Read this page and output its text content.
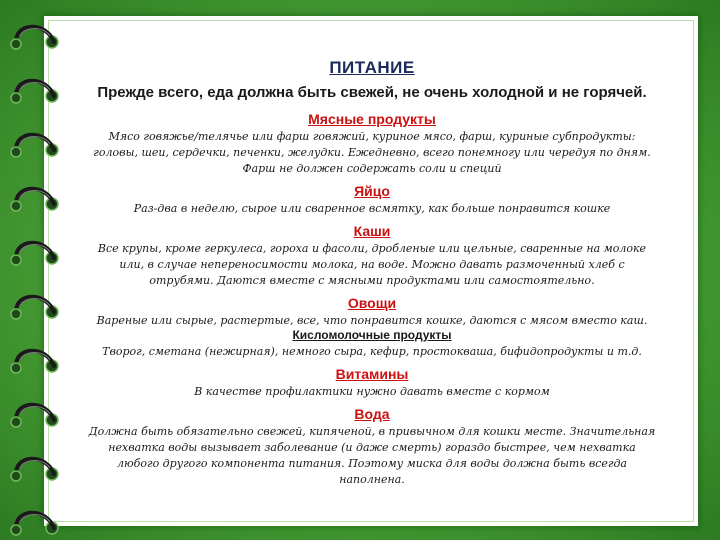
ПИТАНИЕ
Прежде всего, еда должна быть свежей, не очень холодной и не горячей.
Мясные продукты
Мясо говяжье/телячье или фарш говяжий, куриное мясо, фарш, куриные субпродукты:
головы, шеи, сердечки, печенки, желудки. Ежедневно, всего понемногу или чередуя по дням.
Фарш не должен содержать соли и специй
Яйцо
Раз-два в неделю, сырое или сваренное всмятку, как больше понравится кошке
Каши
Все крупы, кроме геркулеса, гороха и фасоли, дробленые или цельные, сваренные на молоке
или, в случае непереносимости молока, на воде. Можно давать размоченный хлеб с
отрубями. Даются вместе с мясными продуктами или самостоятельно.
Овощи
Вареные или сырые, растертые, все, что понравится кошке, даются с мясом вместо каш.
Кисломолочные продукты
Творог, сметана (нежирная), немного сыра, кефир, простокваша, бифидопродукты и т.д.
Витамины
В качестве профилактики нужно давать вместе с кормом
Вода
Должна быть обязательно свежей, кипяченой, в привычном для кошки месте. Значительная
нехватка воды вызывает заболевание (и даже смерть) гораздо быстрее, чем нехватка
любого другого компонента питания. Поэтому миска для воды должна быть всегда
наполнена.
